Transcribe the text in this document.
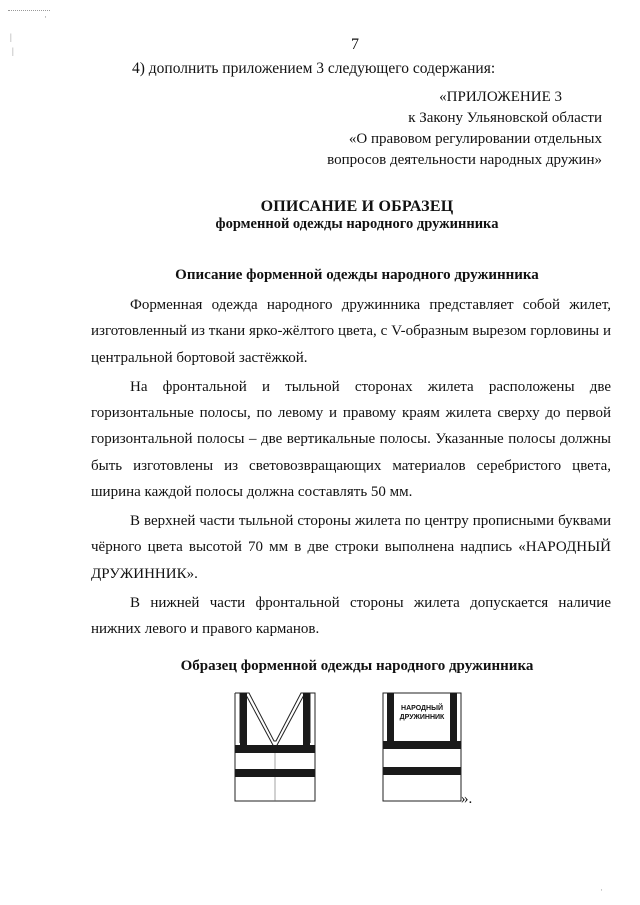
·
|
|	7
4) дополнить приложением 3 следующего содержания:
«ПРИЛОЖЕНИЕ 3
к Закону Ульяновской области
«О правовом регулировании отдельных
вопросов деятельности народных дружин»
ОПИСАНИЕ И ОБРАЗЕЦ
форменной одежды народного дружинника
Описание форменной одежды народного дружинника

Форменная одежда народного дружинника представляет собой жилет, изготовленный из ткани ярко-жёлтого цвета, с V-образным вырезом горловины и центральной бортовой застёжкой.

На фронтальной и тыльной сторонах жилета расположены две горизонтальные полосы, по левому и правому краям жилета сверху до первой горизонтальной полосы – две вертикальные полосы. Указанные полосы должны быть изготовлены из световозвращающих материалов серебристого цвета, ширина каждой полосы должна составлять 50 мм.

В верхней части тыльной стороны жилета по центру прописными буквами чёрного цвета высотой 70 мм в две строки выполнена надпись «НАРОДНЫЙ ДРУЖИННИК».

В нижней части фронтальной стороны жилета допускается наличие нижних левого и правого карманов.

Образец форменной одежды народного дружинника
НАРОДНЫЙ
ДРУЖИННИК
».
·
